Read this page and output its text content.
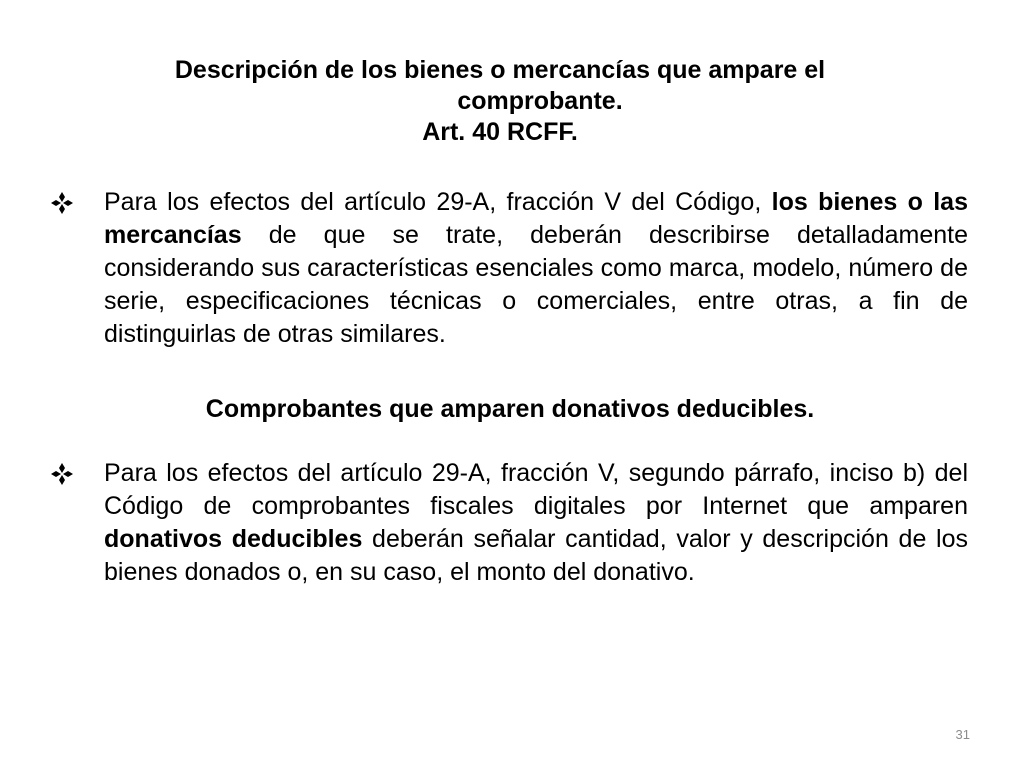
Descripción de los bienes o mercancías que ampare el
comprobante.
Art. 40 RCFF.

Para los efectos del artículo 29-A, fracción V del Código, los bienes o las mercancías de que se trate, deberán describirse detalladamente considerando sus características esenciales como marca, modelo, número de serie, especificaciones técnicas o comerciales, entre otras, a fin de distinguirlas de otras similares.

Comprobantes que amparen donativos deducibles.

Para los efectos del artículo 29-A, fracción V, segundo párrafo, inciso b) del Código de comprobantes fiscales digitales por Internet que amparen donativos deducibles deberán señalar cantidad, valor y descripción de los bienes donados o, en su caso, el monto del donativo.

31
